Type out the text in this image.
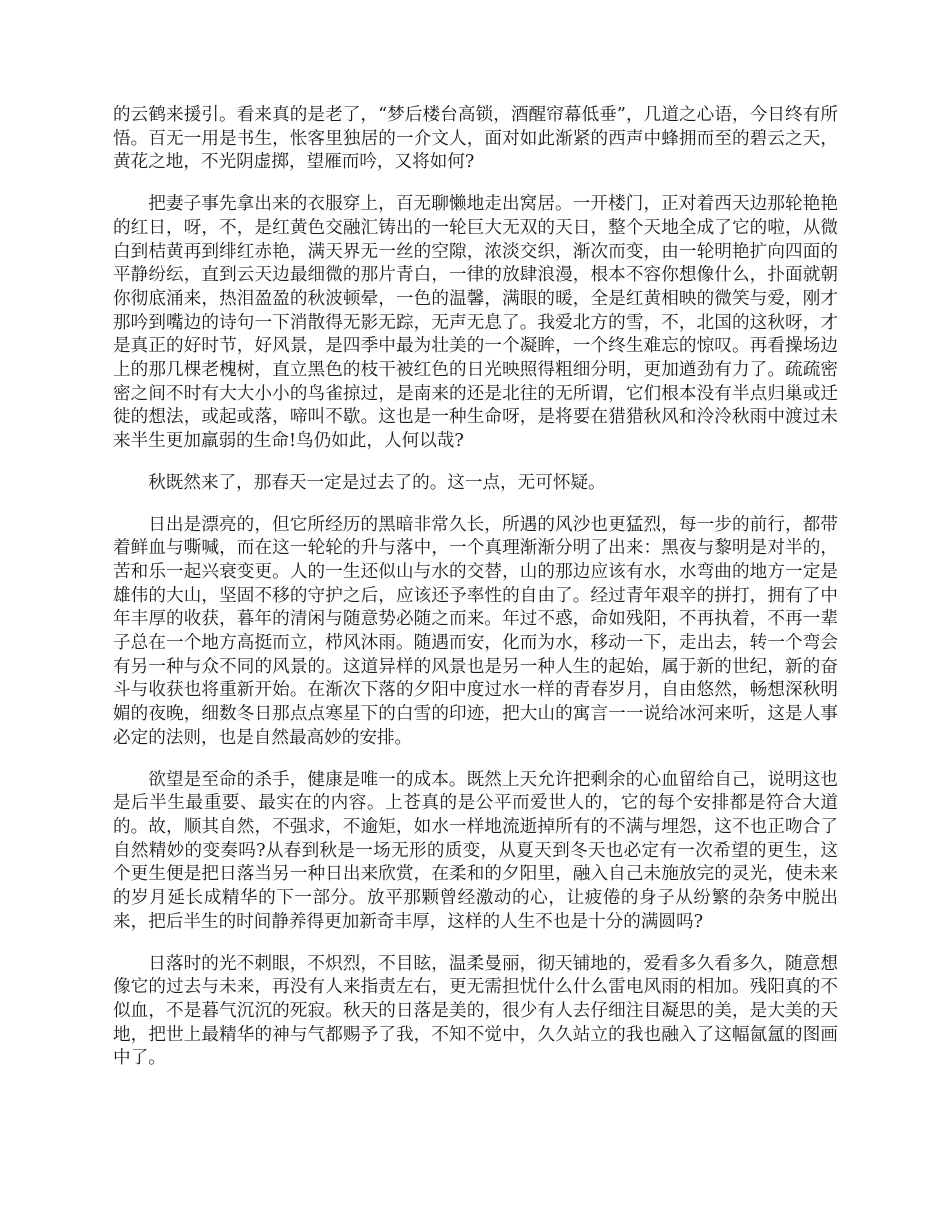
的云鹤来援引。看来真的是老了，“梦后楼台高锁，酒醒帘幕低垂”，几道之心语，今日终有所悟。百无一用是书生，怅客里独居的一介文人，面对如此渐紧的西声中蜂拥而至的碧云之天，黄花之地，不光阴虚掷，望雁而吟，又将如何?

把妻子事先拿出来的衣服穿上，百无聊懒地走出窝居。一开楼门，正对着西天边那轮艳艳的红日，呀，不，是红黄色交融汇铸出的一轮巨大无双的天日，整个天地全成了它的啦，从微白到桔黄再到绯红赤艳，满天界无一丝的空隙，浓淡交织，渐次而变，由一轮明艳扩向四面的平静纷纭，直到云天边最细微的那片青白，一律的放肆浪漫，根本不容你想像什么，扑面就朝你彻底涌来，热泪盈盈的秋波顿晕，一色的温馨，满眼的暖，全是红黄相映的微笑与爱，刚才那吟到嘴边的诗句一下消散得无影无踪，无声无息了。我爱北方的雪，不，北国的这秋呀，才是真正的好时节，好风景，是四季中最为壮美的一个凝眸，一个终生难忘的惊叹。再看操场边上的那几棵老槐树，直立黑色的枝干被红色的日光映照得粗细分明，更加遒劲有力了。疏疏密密之间不时有大大小小的鸟雀掠过，是南来的还是北往的无所谓，它们根本没有半点归巢或迁徙的想法，或起或落，啼叫不歇。这也是一种生命呀，是将要在猎猎秋风和泠泠秋雨中渡过未来半生更加羸弱的生命!鸟仍如此，人何以哉?

秋既然来了，那春天一定是过去了的。这一点，无可怀疑。

日出是漂亮的，但它所经历的黑暗非常久长，所遇的风沙也更猛烈，每一步的前行，都带着鲜血与嘶喊，而在这一轮轮的升与落中，一个真理渐渐分明了出来：黑夜与黎明是对半的，苦和乐一起兴衰变更。人的一生还似山与水的交替，山的那边应该有水，水弯曲的地方一定是雄伟的大山，坚固不移的守护之后，应该还予率性的自由了。经过青年艰辛的拼打，拥有了中年丰厚的收获，暮年的清闲与随意势必随之而来。年过不惑，命如残阳，不再执着，不再一辈子总在一个地方高挺而立，栉风沐雨。随遇而安，化而为水，移动一下，走出去，转一个弯会有另一种与众不同的风景的。这道异样的风景也是另一种人生的起始，属于新的世纪，新的奋斗与收获也将重新开始。在渐次下落的夕阳中度过水一样的青春岁月，自由悠然，畅想深秋明媚的夜晚，细数冬日那点点寒星下的白雪的印迹，把大山的寓言一一说给冰河来听，这是人事必定的法则，也是自然最高妙的安排。

欲望是至命的杀手，健康是唯一的成本。既然上天允许把剩余的心血留给自己，说明这也是后半生最重要、最实在的内容。上苍真的是公平而爱世人的，它的每个安排都是符合大道的。故，顺其自然，不强求，不逾矩，如水一样地流逝掉所有的不满与埋怨，这不也正吻合了自然精妙的变奏吗?从春到秋是一场无形的质变，从夏天到冬天也必定有一次希望的更生，这个更生便是把日落当另一种日出来欣赏，在柔和的夕阳里，融入自己未施放完的灵光，使未来的岁月延长成精华的下一部分。放平那颗曾经激动的心，让疲倦的身子从纷繁的杂务中脱出来，把后半生的时间静养得更加新奇丰厚，这样的人生不也是十分的满圆吗?

日落时的光不刺眼，不炽烈，不目眩，温柔曼丽，彻天铺地的，爱看多久看多久，随意想像它的过去与未来，再没有人来指责左右，更无需担忧什么什么雷电风雨的相加。残阳真的不似血，不是暮气沉沉的死寂。秋天的日落是美的，很少有人去仔细注目凝思的美，是大美的天地，把世上最精华的神与气都赐予了我，不知不觉中，久久站立的我也融入了这幅氤氲的图画中了。
